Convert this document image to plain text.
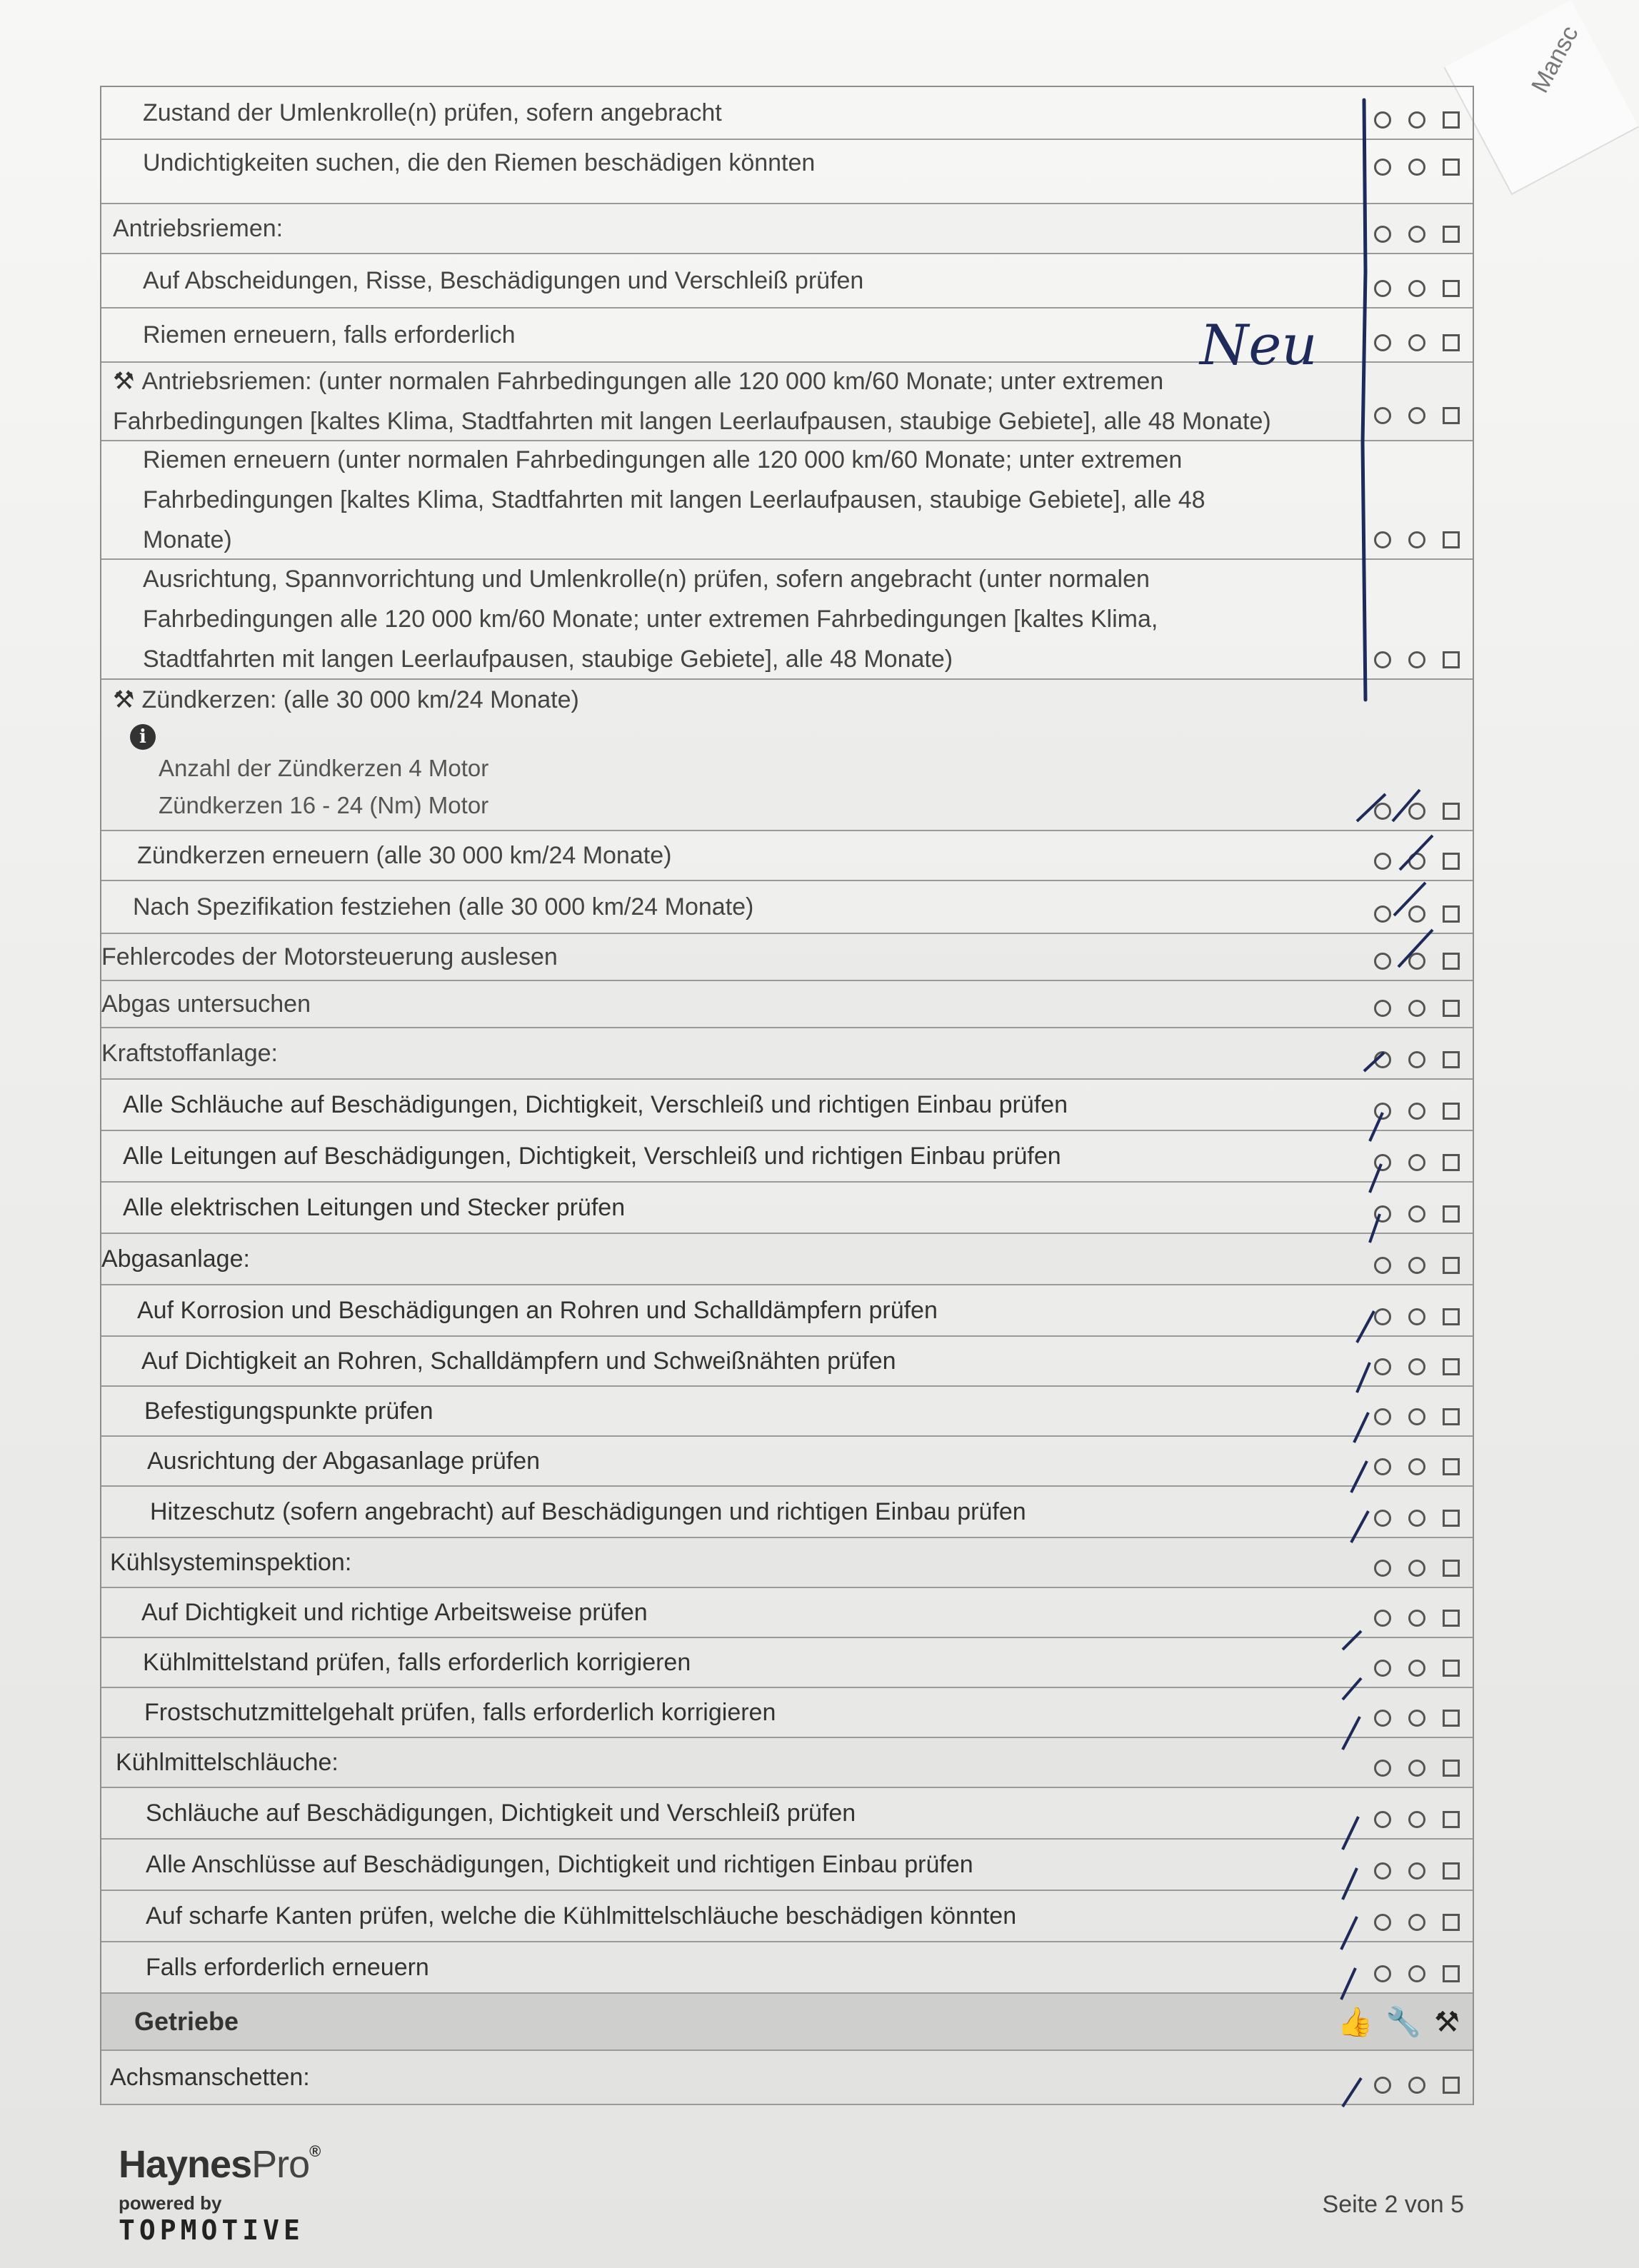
Mansc
Zustand der Umlenkrolle(n) prüfen, sofern angebracht
Undichtigkeiten suchen, die den Riemen beschädigen könnten
Antriebsriemen:
Auf Abscheidungen, Risse, Beschädigungen und Verschleiß prüfen
Riemen erneuern, falls erforderlich
⚒ Antriebsriemen: (unter normalen Fahrbedingungen alle 120 000 km/60 Monate; unter extremen
Fahrbedingungen [kaltes Klima, Stadtfahrten mit langen Leerlaufpausen, staubige Gebiete], alle 48 Monate)
Riemen erneuern (unter normalen Fahrbedingungen alle 120 000 km/60 Monate; unter extremen
Fahrbedingungen [kaltes Klima, Stadtfahrten mit langen Leerlaufpausen, staubige Gebiete], alle 48
Monate)
Ausrichtung, Spannvorrichtung und Umlenkrolle(n) prüfen, sofern angebracht (unter normalen
Fahrbedingungen alle 120 000 km/60 Monate; unter extremen Fahrbedingungen [kaltes Klima,
Stadtfahrten mit langen Leerlaufpausen, staubige Gebiete], alle 48 Monate)
⚒ Zündkerzen: (alle 30 000 km/24 Monate)
i
Anzahl der Zündkerzen 4 Motor
Zündkerzen 16 - 24 (Nm) Motor
Zündkerzen erneuern (alle 30 000 km/24 Monate)
Nach Spezifikation festziehen (alle 30 000 km/24 Monate)
Fehlercodes der Motorsteuerung auslesen
Abgas untersuchen
Kraftstoffanlage:
Alle Schläuche auf Beschädigungen, Dichtigkeit, Verschleiß und richtigen Einbau prüfen
Alle Leitungen auf Beschädigungen, Dichtigkeit, Verschleiß und richtigen Einbau prüfen
Alle elektrischen Leitungen und Stecker prüfen
Abgasanlage:
Auf Korrosion und Beschädigungen an Rohren und Schalldämpfern prüfen
Auf Dichtigkeit an Rohren, Schalldämpfern und Schweißnähten prüfen
Befestigungspunkte prüfen
Ausrichtung der Abgasanlage prüfen
Hitzeschutz (sofern angebracht) auf Beschädigungen und richtigen Einbau prüfen
Kühlsysteminspektion:
Auf Dichtigkeit und richtige Arbeitsweise prüfen
Kühlmittelstand prüfen, falls erforderlich korrigieren
Frostschutzmittelgehalt prüfen, falls erforderlich korrigieren
Kühlmittelschläuche:
Schläuche auf Beschädigungen, Dichtigkeit und Verschleiß prüfen
Alle Anschlüsse auf Beschädigungen, Dichtigkeit und richtigen Einbau prüfen
Auf scharfe Kanten prüfen, welche die Kühlmittelschläuche beschädigen könnten
Falls erforderlich erneuern
Getriebe	👍 🔧 ⚒
Achsmanschetten:
Neu
HaynesPro®
powered by
TOPMOTIVE
Seite 2 von 5
